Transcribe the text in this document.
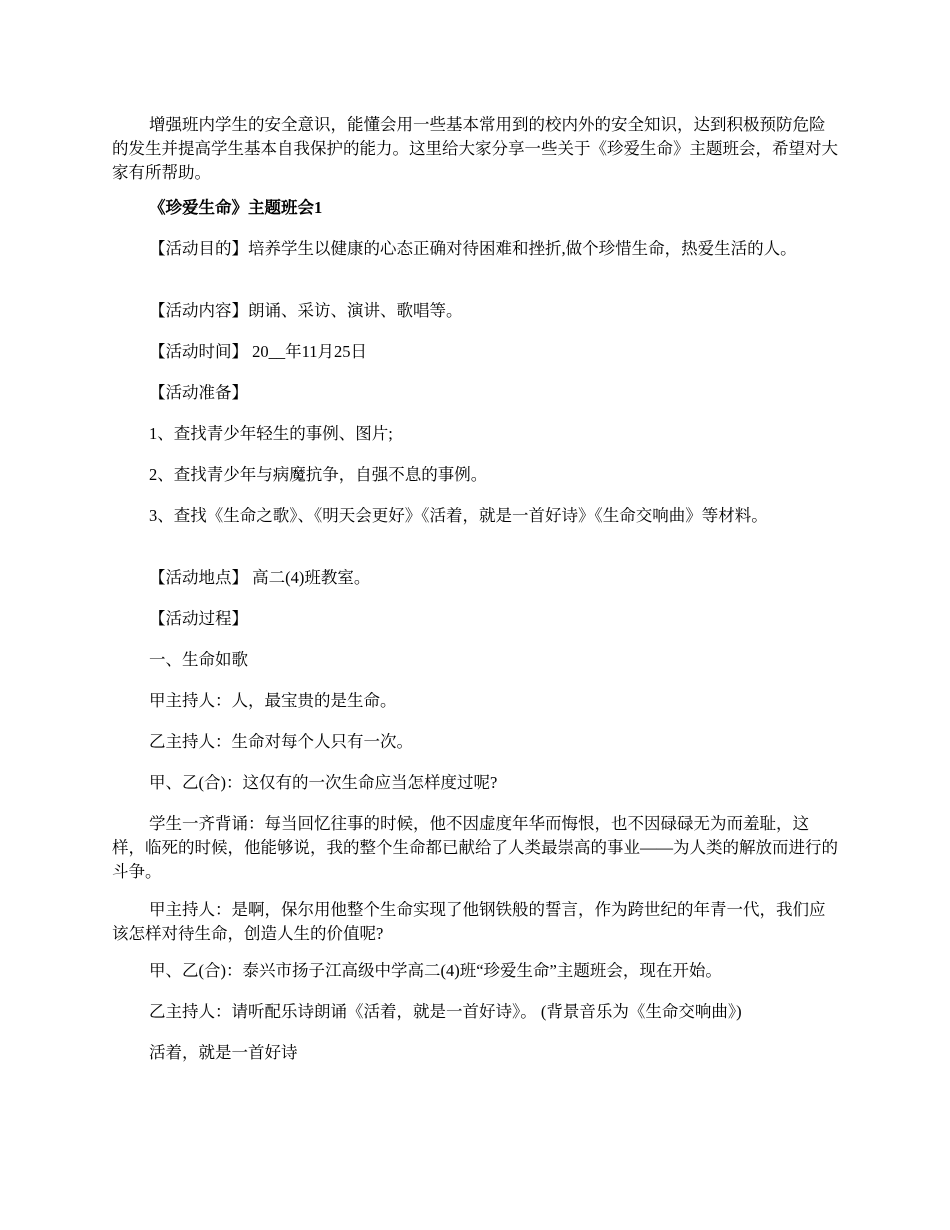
增强班内学生的安全意识，能懂会用一些基本常用到的校内外的安全知识，达到积极预防危险的发生并提高学生基本自我保护的能力。这里给大家分享一些关于《珍爱生命》主题班会，希望对大家有所帮助。

《珍爱生命》主题班会1

【活动目的】培养学生以健康的心态正确对待困难和挫折,做个珍惜生命，热爱生活的人。

【活动内容】朗诵、采访、演讲、歌唱等。

【活动时间】 20__年11月25日

【活动准备】

1、查找青少年轻生的事例、图片;

2、查找青少年与病魔抗争，自强不息的事例。

3、查找《生命之歌》、《明天会更好》《活着，就是一首好诗》《生命交响曲》等材料。

【活动地点】 高二(4)班教室。

【活动过程】

一、生命如歌

甲主持人：人，最宝贵的是生命。

乙主持人：生命对每个人只有一次。

甲、乙(合)：这仅有的一次生命应当怎样度过呢?

学生一齐背诵：每当回忆往事的时候，他不因虚度年华而悔恨，也不因碌碌无为而羞耻，这样，临死的时候，他能够说，我的整个生命都已献给了人类最崇高的事业——为人类的解放而进行的斗争。

甲主持人：是啊，保尔用他整个生命实现了他钢铁般的誓言，作为跨世纪的年青一代，我们应该怎样对待生命，创造人生的价值呢?

甲、乙(合)：泰兴市扬子江高级中学高二(4)班“珍爱生命”主题班会，现在开始。

乙主持人：请听配乐诗朗诵《活着，就是一首好诗》。 (背景音乐为《生命交响曲》)

活着，就是一首好诗
